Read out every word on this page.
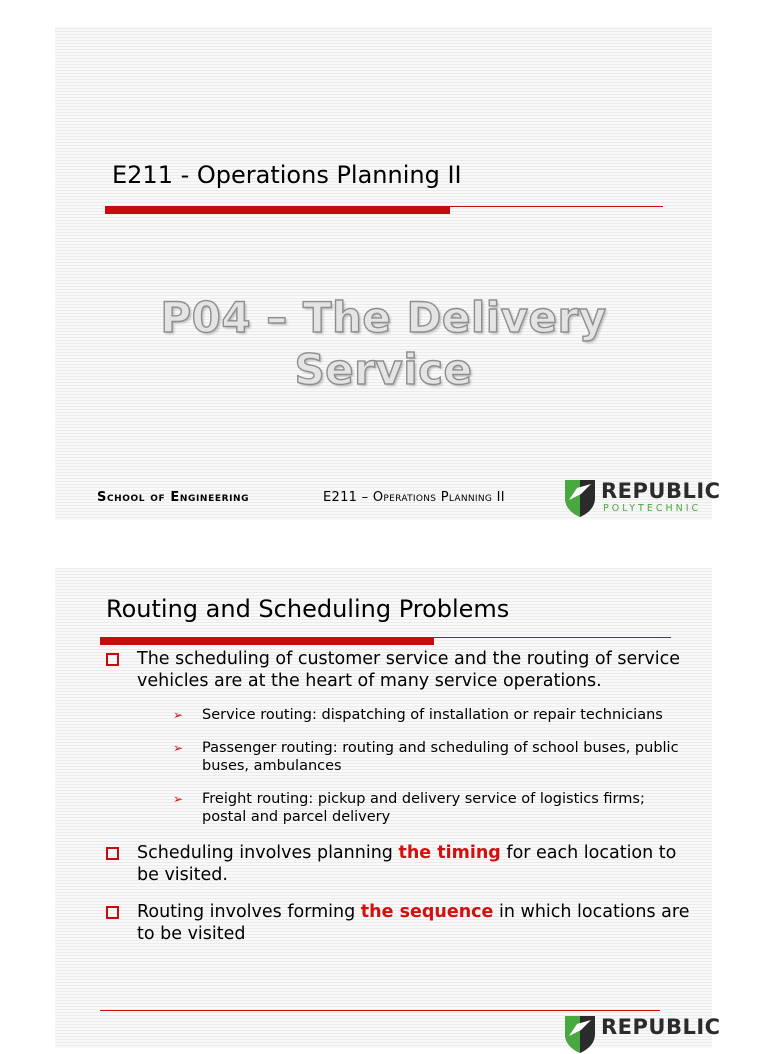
E211 - Operations Planning II
P04 – The Delivery
Service
School of Engineering	E211 – Operations Planning II	REPUBLIC
POLYTECHNIC
Routing and Scheduling Problems
The scheduling of customer service and the routing of service vehicles are at the heart of many service operations.
➢ Service routing: dispatching of installation or repair technicians
➢ Passenger routing: routing and scheduling of school buses, public buses, ambulances
➢ Freight routing: pickup and delivery service of logistics firms; postal and parcel delivery
Scheduling involves planning the timing for each location to be visited.
Routing involves forming the sequence in which locations are to be visited
REPUBLIC
